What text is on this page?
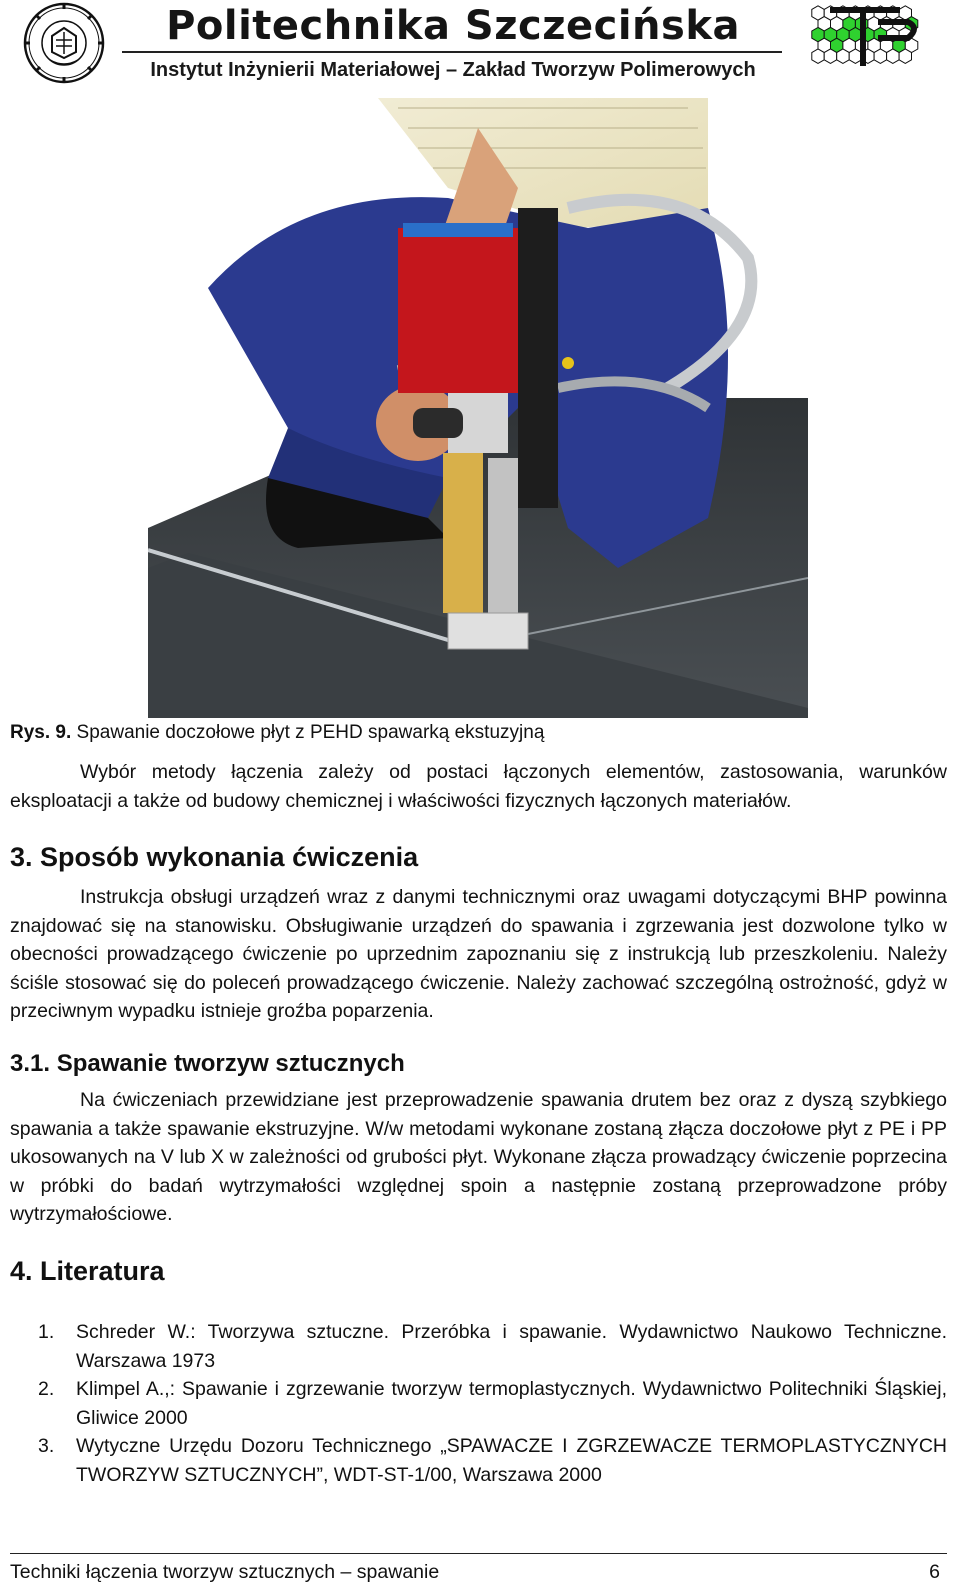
Politechnika Szczecińska
Instytut Inżynierii Materiałowej – Zakład Tworzyw Polimerowych
Rys. 9. Spawanie doczołowe płyt z PEHD spawarką ekstuzyjną

Wybór metody łączenia zależy od postaci łączonych elementów, zastosowania, warunków eksploatacji a także od budowy chemicznej i właściwości fizycznych łączonych materiałów.

3. Sposób wykonania ćwiczenia

Instrukcja obsługi urządzeń wraz z danymi technicznymi oraz uwagami dotyczącymi BHP powinna znajdować się na stanowisku. Obsługiwanie urządzeń do spawania i zgrzewania jest dozwolone tylko w obecności prowadzącego ćwiczenie po uprzednim zapoznaniu się z instrukcją lub przeszkoleniu. Należy ściśle stosować się do poleceń prowadzącego ćwiczenie. Należy zachować szczególną ostrożność, gdyż w przeciwnym wypadku istnieje groźba poparzenia.

3.1. Spawanie tworzyw sztucznych

Na ćwiczeniach przewidziane jest przeprowadzenie spawania drutem bez oraz z dyszą szybkiego spawania a także spawanie ekstruzyjne. W/w metodami wykonane zostaną złącza doczołowe płyt z PE i PP ukosowanych na V lub X w zależności od grubości płyt. Wykonane złącza prowadzący ćwiczenie poprzecina w próbki do badań wytrzymałości względnej spoin a następnie zostaną przeprowadzone próby wytrzymałościowe.

4. Literatura
1. Schreder W.: Tworzywa sztuczne. Przeróbka i spawanie. Wydawnictwo Naukowo Techniczne. Warszawa 1973
2. Klimpel A.,: Spawanie i zgrzewanie tworzyw termoplastycznych. Wydawnictwo Politechniki Śląskiej, Gliwice 2000
3. Wytyczne Urzędu Dozoru Technicznego „SPAWACZE I ZGRZEWACZE TERMOPLASTYCZNYCH TWORZYW SZTUCZNYCH”, WDT-ST-1/00, Warszawa 2000
Techniki łączenia tworzyw sztucznych – spawanie	6
